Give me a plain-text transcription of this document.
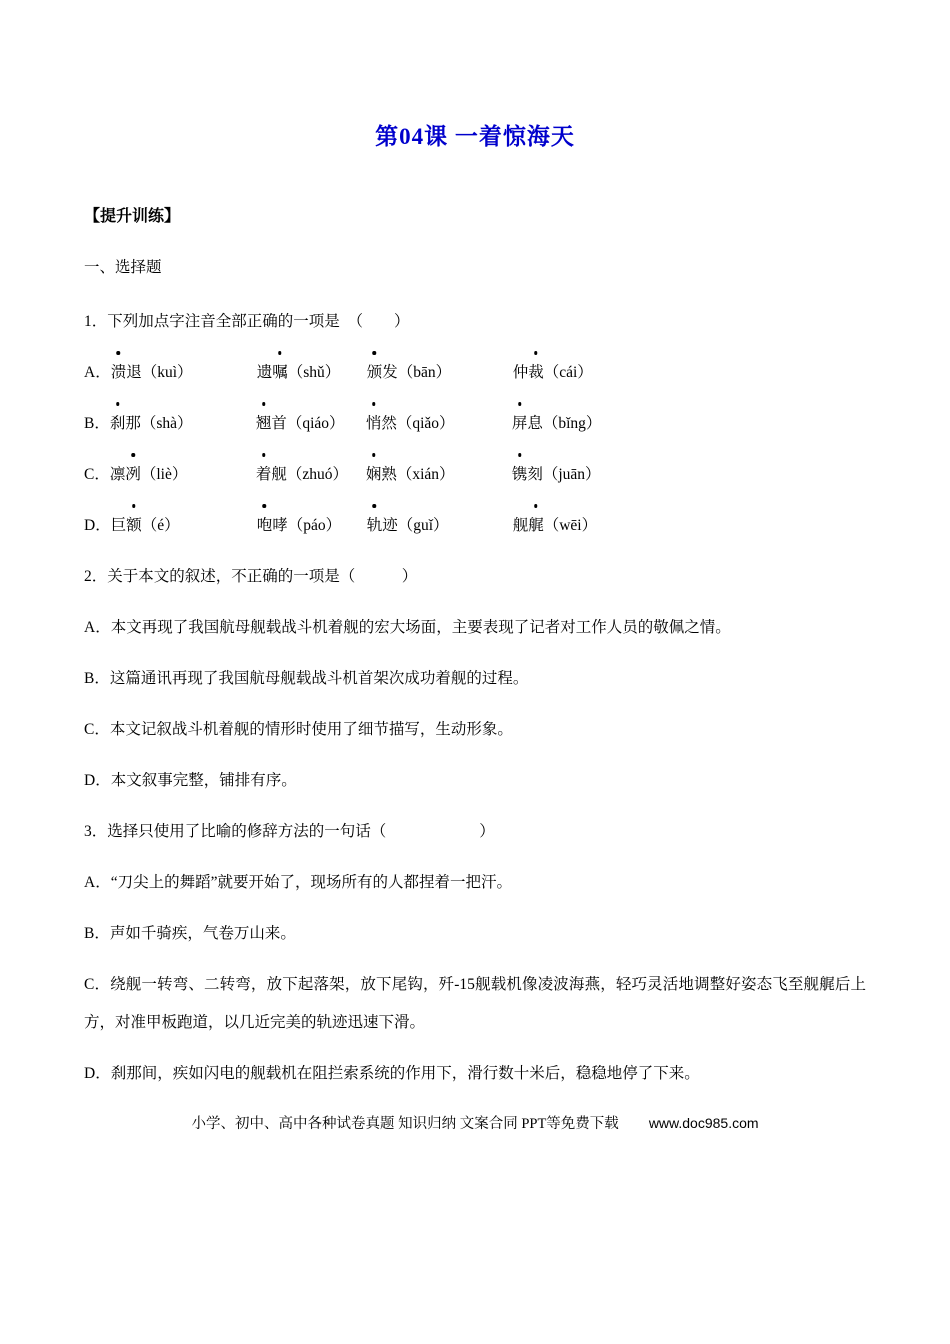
第04课 一着惊海天

【提升训练】

一、选择题

1．下列加点字注音全部正确的一项是　（　　）

A． 溃退（kuì）	遗嘱（shǔ）	颁发（bān）	仲裁（cái）

B． 刹那（shà）	翘首（qiáo）	悄然（qiǎo）	屏息（bǐng）

C． 凛冽（liè）	着舰（zhuó）	娴熟（xián）	镌刻（juān）

D． 巨额（é）	咆哮（páo）	轨迹（guǐ）	舰艉（wēi）

2．关于本文的叙述，不正确的一项是（　　　）

A．本文再现了我国航母舰载战斗机着舰的宏大场面，主要表现了记者对工作人员的敬佩之情。

B．这篇通讯再现了我国航母舰载战斗机首架次成功着舰的过程。

C．本文记叙战斗机着舰的情形时使用了细节描写，生动形象。

D．本文叙事完整，铺排有序。

3．选择只使用了比喻的修辞方法的一句话（　　　　　　）

A．“刀尖上的舞蹈”就要开始了，现场所有的人都捏着一把汗。

B．声如千骑疾，气卷万山来。

C．绕舰一转弯、二转弯，放下起落架，放下尾钩，歼-15舰载机像凌波海燕，轻巧灵活地调整好姿态飞至舰艉后上方，对准甲板跑道，以几近完美的轨迹迅速下滑。

D．刹那间，疾如闪电的舰载机在阻拦索系统的作用下，滑行数十米后，稳稳地停了下来。

小学、初中、高中各种试卷真题 知识归纳 文案合同 PPT等免费下载 www.doc985.com
